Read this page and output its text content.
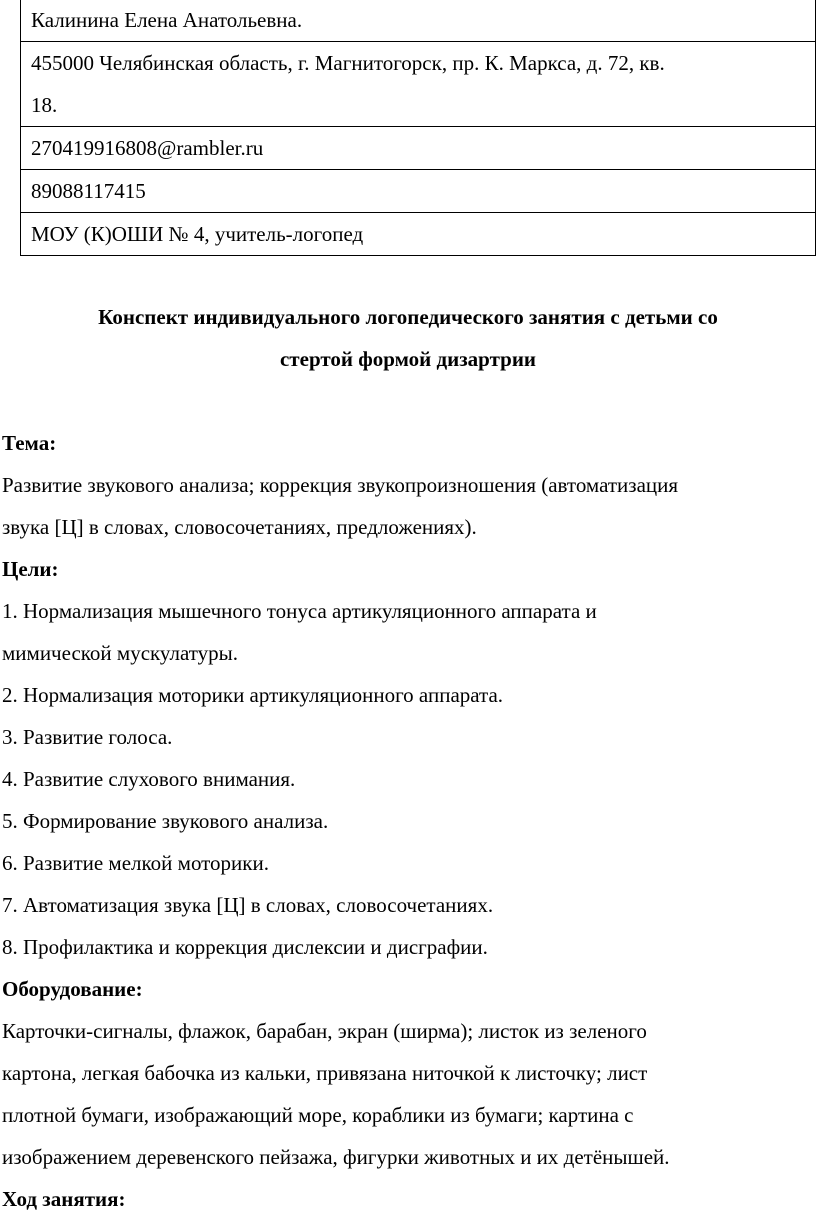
Калинина Елена Анатольевна.

455000 Челябинская область, г. Магнитогорск, пр. К. Маркса, д. 72, кв.
18.

270419916808@rambler.ru
89088117415
МОУ (К)ОШИ № 4, учитель-логопед
Конспект индивидуального логопедического занятия с детьми со
стертой формой дизартрии

Тема:

Развитие звукового анализа; коррекция звукопроизношения (автоматизация

звука [Ц] в словах, словосочетаниях, предложениях).

Цели:

1. Нормализация мышечного тонуса артикуляционного аппарата и

мимической мускулатуры.

2. Нормализация моторики артикуляционного аппарата.

3. Развитие голоса.

4. Развитие слухового внимания.

5. Формирование звукового анализа.

6. Развитие мелкой моторики.

7. Автоматизация звука [Ц] в словах, словосочетаниях.

8. Профилактика и коррекция дислексии и дисграфии.

Оборудование:

Карточки-сигналы, флажок, барабан, экран (ширма); листок из зеленого

картона, легкая бабочка из кальки, привязана ниточкой к листочку; лист

плотной бумаги, изображающий море, кораблики из бумаги; картина с

изображением деревенского пейзажа, фигурки животных и их детёнышей.

Ход занятия:
